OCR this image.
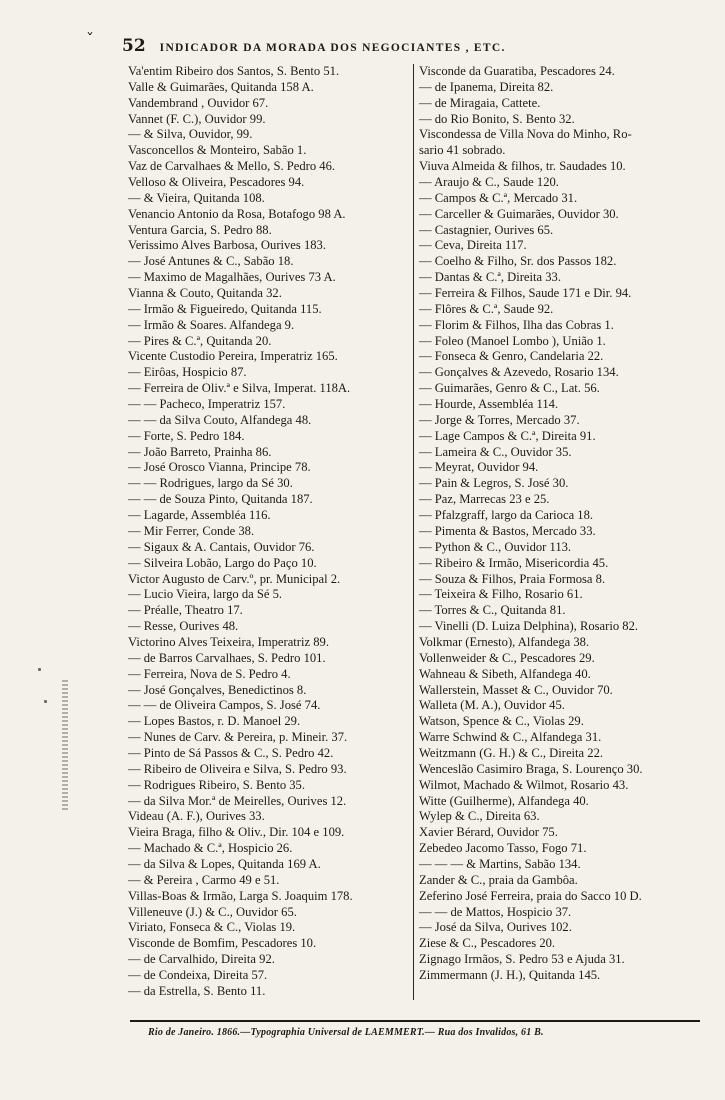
ˇ 52 INDICADOR DA MORADA DOS NEGOCIANTES , ETC.
Va'entim Ribeiro dos Santos, S. Bento 51.
Valle & Guimarães, Quitanda 158 A.
Vandembrand , Ouvidor 67.
Vannet (F. C.), Ouvidor 99.
— & Silva, Ouvidor, 99.
Vasconcellos & Monteiro, Sabão 1.
Vaz de Carvalhaes & Mello, S. Pedro 46.
Velloso & Oliveira, Pescadores 94.
— & Vieira, Quitanda 108.
Venancio Antonio da Rosa, Botafogo 98 A.
Ventura Garcia, S. Pedro 88.
Verissimo Alves Barbosa, Ourives 183.
— José Antunes & C., Sabão 18.
— Maximo de Magalhães, Ourives 73 A.
Vianna & Couto, Quitanda 32.
— Irmão & Figueiredo, Quitanda 115.
— Irmão & Soares. Alfandega 9.
— Pires & C.ª, Quitanda 20.
Vicente Custodio Pereira, Imperatriz 165.
— Eirôas, Hospicio 87.
— Ferreira de Oliv.ª e Silva, Imperat. 118A.
— — Pacheco, Imperatriz 157.
— — da Silva Couto, Alfandega 48.
— Forte, S. Pedro 184.
— João Barreto, Prainha 86.
— José Orosco Vianna, Principe 78.
— — Rodrigues, largo da Sé 30.
— — de Souza Pinto, Quitanda 187.
— Lagarde, Assembléa 116.
— Mir Ferrer, Conde 38.
— Sigaux & A. Cantais, Ouvidor 76.
— Silveira Lobão, Largo do Paço 10.
Victor Augusto de Carv.º, pr. Municipal 2.
— Lucio Vieira, largo da Sé 5.
— Préalle, Theatro 17.
— Resse, Ourives 48.
Victorino Alves Teixeira, Imperatriz 89.
— de Barros Carvalhaes, S. Pedro 101.
— Ferreira, Nova de S. Pedro 4.
— José Gonçalves, Benedictinos 8.
— — de Oliveira Campos, S. José 74.
— Lopes Bastos, r. D. Manoel 29.
— Nunes de Carv. & Pereira, p. Mineir. 37.
— Pinto de Sá Passos & C., S. Pedro 42.
— Ribeiro de Oliveira e Silva, S. Pedro 93.
— Rodrigues Ribeiro, S. Bento 35.
— da Silva Mor.ª de Meirelles, Ourives 12.
Videau (A. F.), Ourives 33.
Vieira Braga, filho & Oliv., Dir. 104 e 109.
— Machado & C.ª, Hospicio 26.
— da Silva & Lopes, Quitanda 169 A.
— & Pereira , Carmo 49 e 51.
Villas-Boas & Irmão, Larga S. Joaquim 178.
Villeneuve (J.) & C., Ouvidor 65.
Viriato, Fonseca & C., Violas 19.
Visconde de Bomfim, Pescadores 10.
— de Carvalhido, Direita 92.
— de Condeixa, Direita 57.
— da Estrella, S. Bento 11.
Visconde da Guaratiba, Pescadores 24.
— de Ipanema, Direita 82.
— de Miragaia, Cattete.
— do Rio Bonito, S. Bento 32.
Viscondessa de Villa Nova do Minho, Ro-
sario 41 sobrado.
Viuva Almeida & filhos, tr. Saudades 10.
— Araujo & C., Saude 120.
— Campos & C.ª, Mercado 31.
— Carceller & Guimarães, Ouvidor 30.
— Castagnier, Ourives 65.
— Ceva, Direita 117.
— Coelho & Filho, Sr. dos Passos 182.
— Dantas & C.ª, Direita 33.
— Ferreira & Filhos, Saude 171 e Dir. 94.
— Flôres & C.ª, Saude 92.
— Florim & Filhos, Ilha das Cobras 1.
— Foleo (Manoel Lombo ), União 1.
— Fonseca & Genro, Candelaria 22.
— Gonçalves & Azevedo, Rosario 134.
— Guimarães, Genro & C., Lat. 56.
— Hourde, Assembléa 114.
— Jorge & Torres, Mercado 37.
— Lage Campos & C.ª, Direita 91.
— Lameira & C., Ouvidor 35.
— Meyrat, Ouvidor 94.
— Pain & Legros, S. José 30.
— Paz, Marrecas 23 e 25.
— Pfalzgraff, largo da Carioca 18.
— Pimenta & Bastos, Mercado 33.
— Python & C., Ouvidor 113.
— Ribeiro & Irmão, Misericordia 45.
— Souza & Filhos, Praia Formosa 8.
— Teixeira & Filho, Rosario 61.
— Torres & C., Quitanda 81.
— Vinelli (D. Luiza Delphina), Rosario 82.
Volkmar (Ernesto), Alfandega 38.
Vollenweider & C., Pescadores 29.
Wahneau & Sibeth, Alfandega 40.
Wallerstein, Masset & C., Ouvidor 70.
Walleta (M. A.), Ouvidor 45.
Watson, Spence & C., Violas 29.
Warre Schwind & C., Alfandega 31.
Weitzmann (G. H.) & C., Direita 22.
Wenceslão Casimiro Braga, S. Lourenço 30.
Wilmot, Machado & Wilmot, Rosario 43.
Witte (Guilherme), Alfandega 40.
Wylep & C., Direita 63.
Xavier Bérard, Ouvidor 75.
Zebedeo Jacomo Tasso, Fogo 71.
— — — & Martins, Sabão 134.
Zander & C., praia da Gambôa.
Zeferino José Ferreira, praia do Sacco 10 D.
— — de Mattos, Hospicio 37.
— José da Silva, Ourives 102.
Ziese & C., Pescadores 20.
Zignago Irmãos, S. Pedro 53 e Ajuda 31.
Zimmermann (J. H.), Quitanda 145.
Rio de Janeiro. 1866.—Typographia Universal de LAEMMERT.— Rua dos Invalidos, 61 B.
